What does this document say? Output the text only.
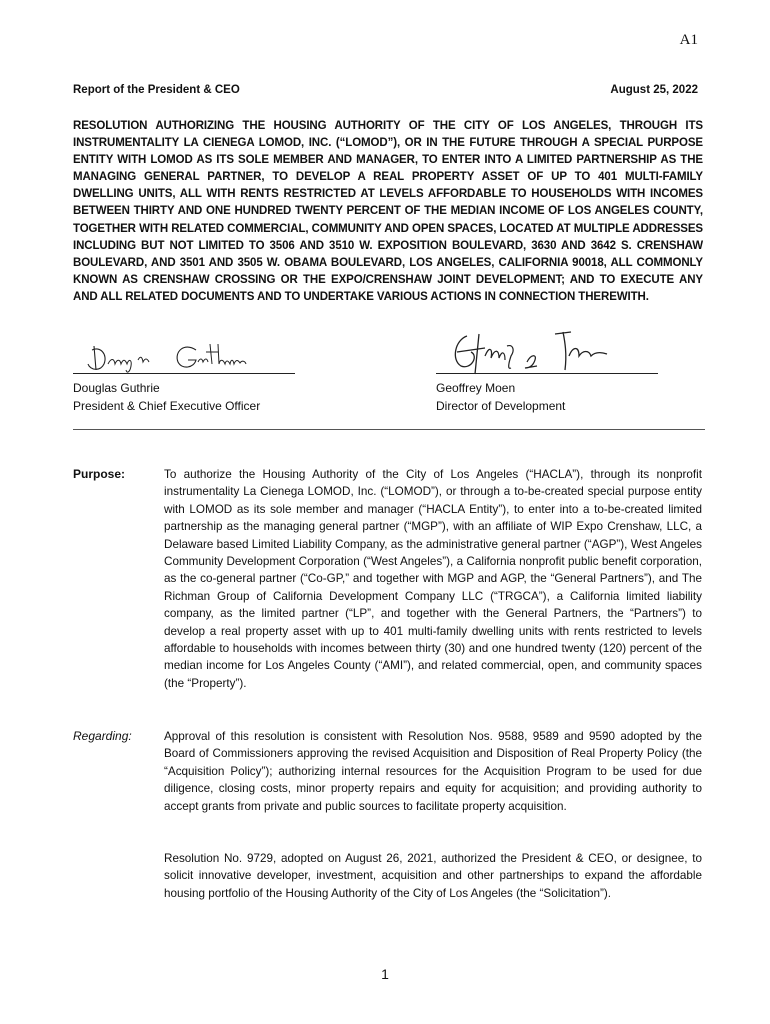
A1
Report of the President & CEO	August 25, 2022
RESOLUTION AUTHORIZING THE HOUSING AUTHORITY OF THE CITY OF LOS ANGELES, THROUGH ITS INSTRUMENTALITY LA CIENEGA LOMOD, INC. (“LOMOD”), OR IN THE FUTURE THROUGH A SPECIAL PURPOSE ENTITY WITH LOMOD AS ITS SOLE MEMBER AND MANAGER, TO ENTER INTO A LIMITED PARTNERSHIP AS THE MANAGING GENERAL PARTNER, TO DEVELOP A REAL PROPERTY ASSET OF UP TO 401 MULTI-FAMILY DWELLING UNITS, ALL WITH RENTS RESTRICTED AT LEVELS AFFORDABLE TO HOUSEHOLDS WITH INCOMES BETWEEN THIRTY AND ONE HUNDRED TWENTY PERCENT OF THE MEDIAN INCOME OF LOS ANGELES COUNTY, TOGETHER WITH RELATED COMMERCIAL, COMMUNITY AND OPEN SPACES, LOCATED AT MULTIPLE ADDRESSES INCLUDING BUT NOT LIMITED TO 3506 AND 3510 W. EXPOSITION BOULEVARD, 3630 AND 3642 S. CRENSHAW BOULEVARD, AND 3501 AND 3505 W. OBAMA BOULEVARD, LOS ANGELES, CALIFORNIA 90018, ALL COMMONLY KNOWN AS CRENSHAW CROSSING OR THE EXPO/CRENSHAW JOINT DEVELOPMENT; AND TO EXECUTE ANY AND ALL RELATED DOCUMENTS AND TO UNDERTAKE VARIOUS ACTIONS IN CONNECTION THEREWITH.
Douglas Guthrie
President & Chief Executive Officer
Geoffrey Moen
Director of Development
Purpose:	To authorize the Housing Authority of the City of Los Angeles (“HACLA”), through its nonprofit instrumentality La Cienega LOMOD, Inc. (“LOMOD”), or through a to-be-created special purpose entity with LOMOD as its sole member and manager (“HACLA Entity”), to enter into a to-be-created limited partnership as the managing general partner (“MGP”), with an affiliate of WIP Expo Crenshaw, LLC, a Delaware based Limited Liability Company, as the administrative general partner (“AGP”), West Angeles Community Development Corporation (“West Angeles”), a California nonprofit public benefit corporation, as the co-general partner (“Co-GP,” and together with MGP and AGP, the “General Partners”), and The Richman Group of California Development Company LLC (“TRGCA”), a California limited liability company, as the limited partner (“LP”, and together with the General Partners, the “Partners”) to develop a real property asset with up to 401 multi-family dwelling units with rents restricted to levels affordable to households with incomes between thirty (30) and one hundred twenty (120) percent of the median income for Los Angeles County (“AMI”), and related commercial, open, and community spaces (the “Property”).
Regarding:	Approval of this resolution is consistent with Resolution Nos. 9588, 9589 and 9590 adopted by the Board of Commissioners approving the revised Acquisition and Disposition of Real Property Policy (the “Acquisition Policy”); authorizing internal resources for the Acquisition Program to be used for due diligence, closing costs, minor property repairs and equity for acquisition; and providing authority to accept grants from private and public sources to facilitate property acquisition.
Resolution No. 9729, adopted on August 26, 2021, authorized the President & CEO, or designee, to solicit innovative developer, investment, acquisition and other partnerships to expand the affordable housing portfolio of the Housing Authority of the City of Los Angeles (the “Solicitation”).
1
